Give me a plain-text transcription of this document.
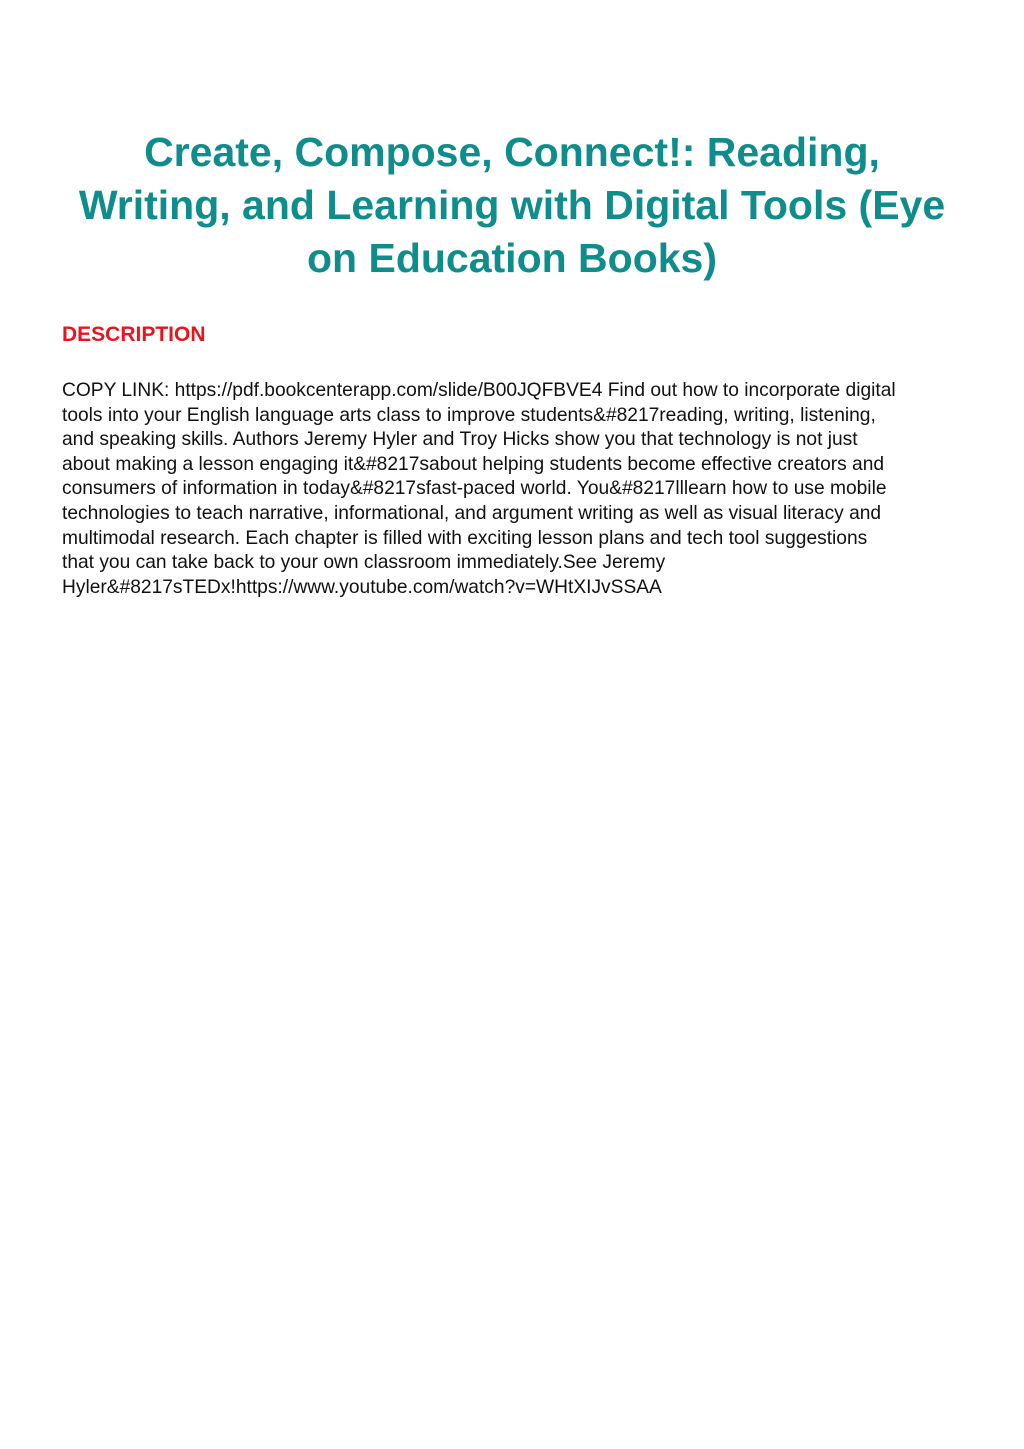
Create, Compose, Connect!: Reading,
Writing, and Learning with Digital Tools (Eye
on Education Books)
DESCRIPTION

COPY LINK: https://pdf.bookcenterapp.com/slide/B00JQFBVE4 Find out how to incorporate digital
tools into your English language arts class to improve students&#8217reading, writing, listening,
and speaking skills. Authors Jeremy Hyler and Troy Hicks show you that technology is not just
about making a lesson engaging it&#8217sabout helping students become effective creators and
consumers of information in today&#8217sfast-paced world. You&#8217lllearn how to use mobile
technologies to teach narrative, informational, and argument writing as well as visual literacy and
multimodal research. Each chapter is filled with exciting lesson plans and tech tool suggestions
that you can take back to your own classroom immediately.See Jeremy
Hyler&#8217sTEDx!https://www.youtube.com/watch?v=WHtXIJvSSAA
